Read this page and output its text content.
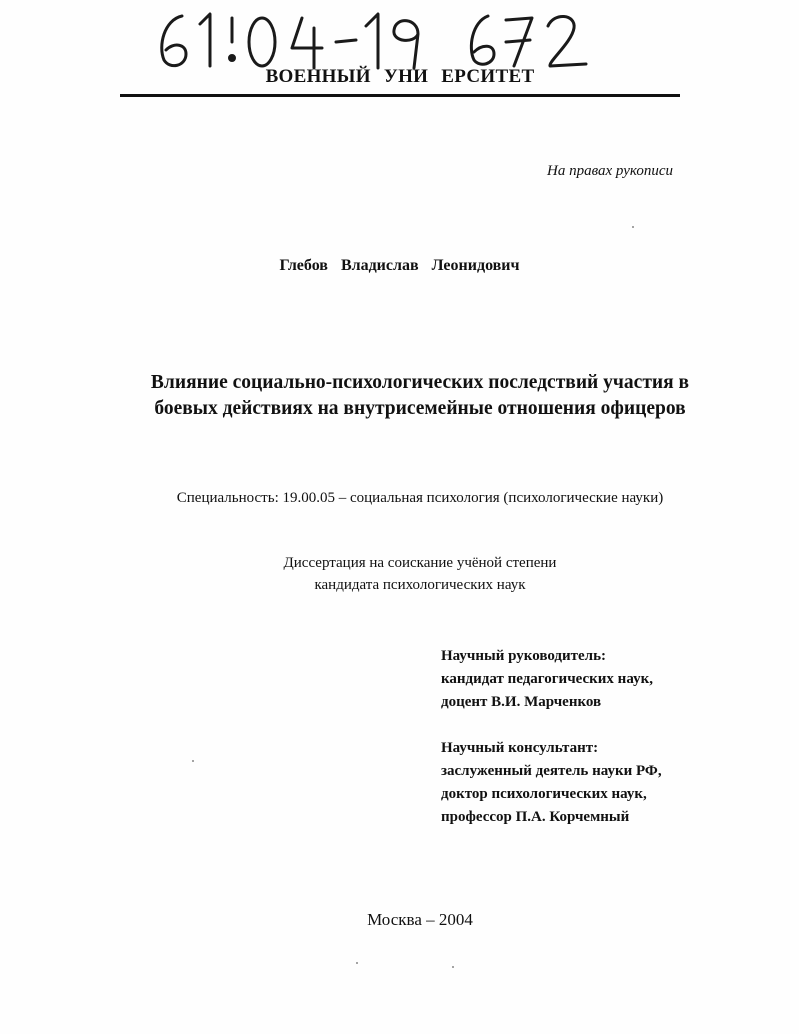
ВОЕННЫЙ УНИ ЕРСИТЕТ
На правах рукописи
Глебов Владислав Леонидович
Влияние социально-психологических последствий участия в
боевых действиях на внутрисемейные отношения офицеров
Специальность: 19.00.05 – социальная психология (психологические науки)
Диссертация на соискание учёной степени
кандидата психологических наук
Научный руководитель:
кандидат педагогических наук,
доцент В.И. Марченков
Научный консультант:
заслуженный деятель науки РФ,
доктор психологических наук,
профессор П.А. Корчемный
Москва – 2004
